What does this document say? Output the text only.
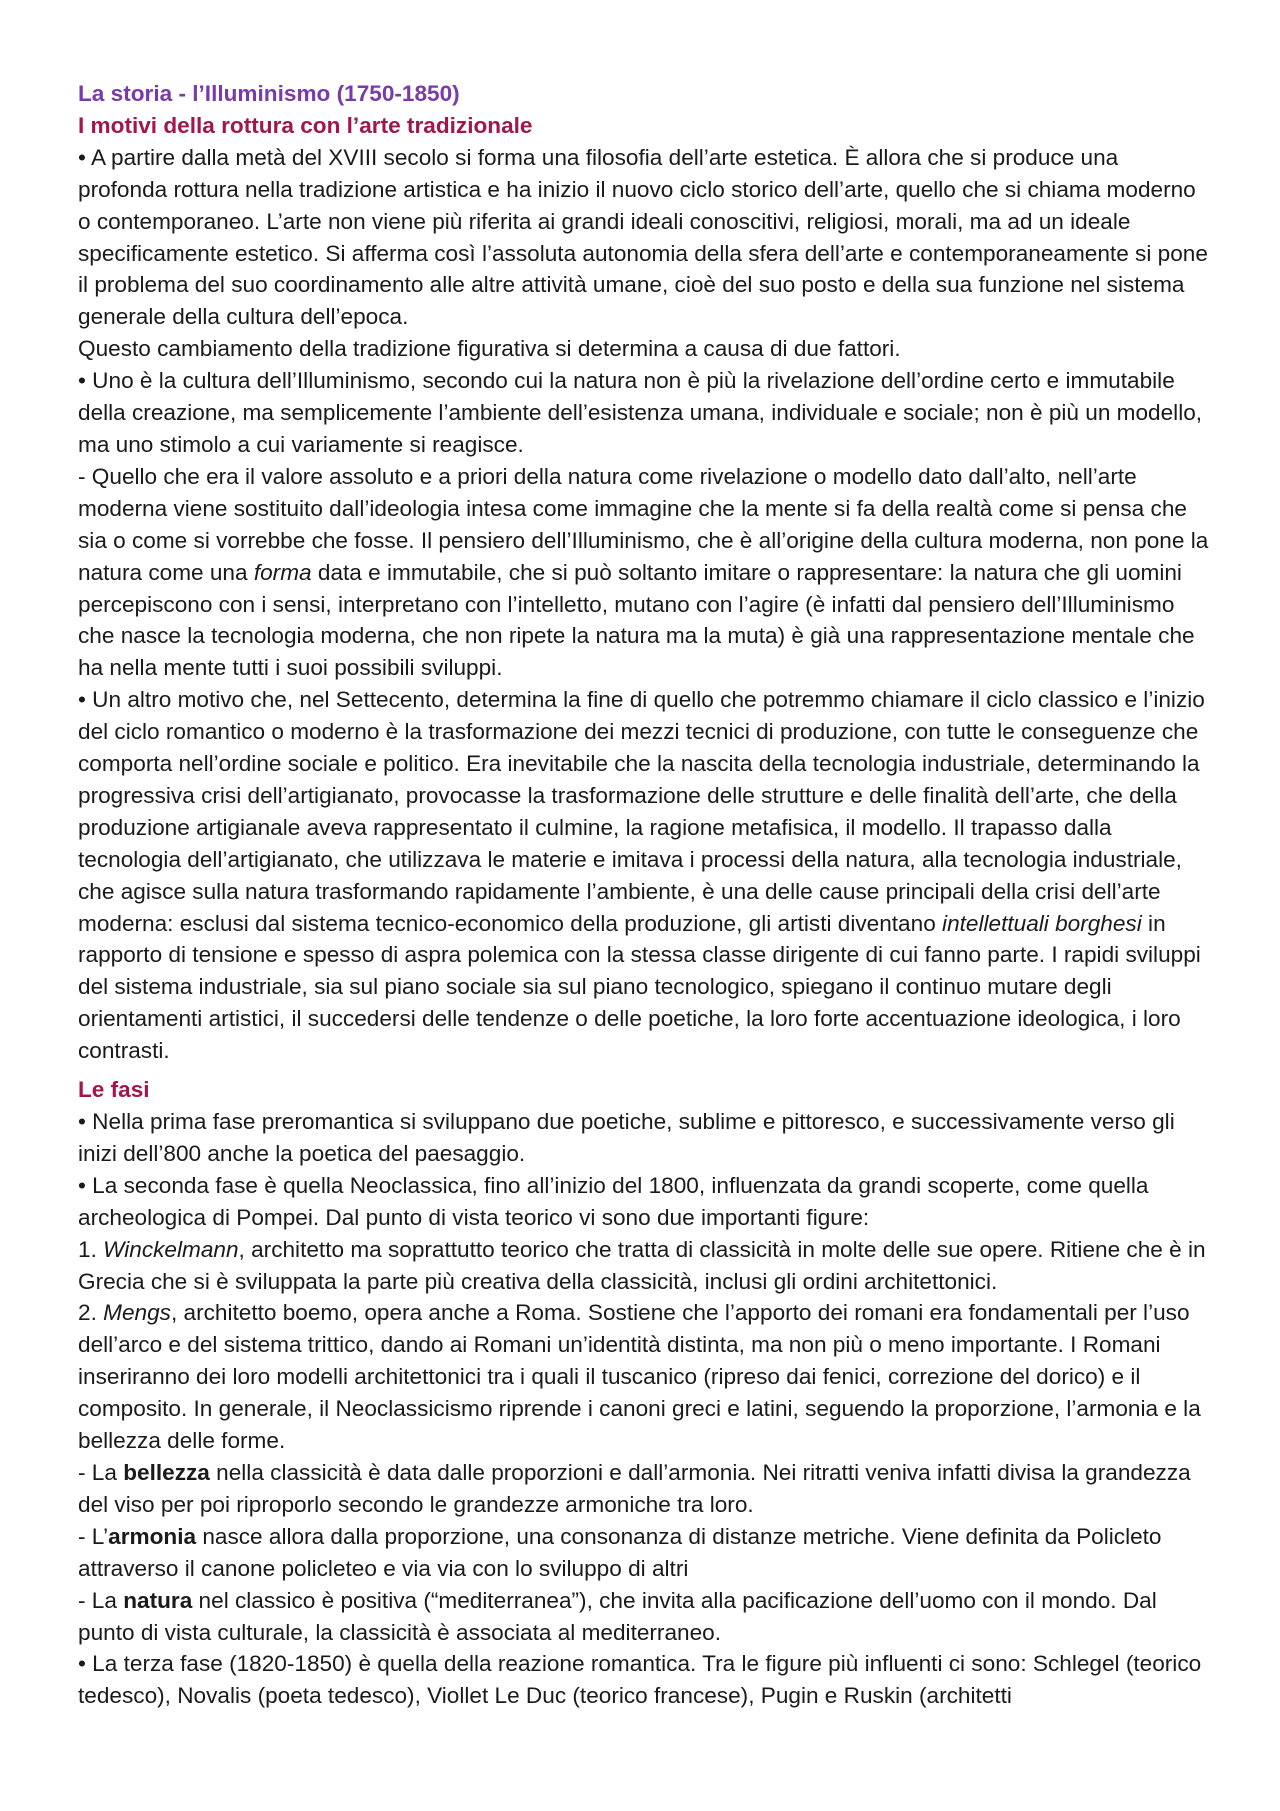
La storia - l’Illuminismo (1750-1850)
I motivi della rottura con l’arte tradizionale

• A partire dalla metà del XVIII secolo si forma una filosofia dell’arte estetica. È allora che si produce una profonda rottura nella tradizione artistica e ha inizio il nuovo ciclo storico dell’arte, quello che si chiama moderno o contemporaneo. L’arte non viene più riferita ai grandi ideali conoscitivi, religiosi, morali, ma ad un ideale specificamente estetico. Si afferma così l’assoluta autonomia della sfera dell’arte e contemporaneamente si pone il problema del suo coordinamento alle altre attività umane, cioè del suo posto e della sua funzione nel sistema generale della cultura dell’epoca.

Questo cambiamento della tradizione figurativa si determina a causa di due fattori.

• Uno è la cultura dell’Illuminismo, secondo cui la natura non è più la rivelazione dell’ordine certo e immutabile della creazione, ma semplicemente l’ambiente dell’esistenza umana, individuale e sociale; non è più un modello, ma uno stimolo a cui variamente si reagisce.

- Quello che era il valore assoluto e a priori della natura come rivelazione o modello dato dall’alto, nell’arte moderna viene sostituito dall’ideologia intesa come immagine che la mente si fa della realtà come si pensa che sia o come si vorrebbe che fosse. Il pensiero dell’Illuminismo, che è all’origine della cultura moderna, non pone la natura come una forma data e immutabile, che si può soltanto imitare o rappresentare: la natura che gli uomini percepiscono con i sensi, interpretano con l’intelletto, mutano con l’agire (è infatti dal pensiero dell’Illuminismo che nasce la tecnologia moderna, che non ripete la natura ma la muta) è già una rappresentazione mentale che ha nella mente tutti i suoi possibili sviluppi.

• Un altro motivo che, nel Settecento, determina la fine di quello che potremmo chiamare il ciclo classico e l’inizio del ciclo romantico o moderno è la trasformazione dei mezzi tecnici di produzione, con tutte le conseguenze che comporta nell’ordine sociale e politico. Era inevitabile che la nascita della tecnologia industriale, determinando la progressiva crisi dell’artigianato, provocasse la trasformazione delle strutture e delle finalità dell’arte, che della produzione artigianale aveva rappresentato il culmine, la ragione metafisica, il modello. Il trapasso dalla tecnologia dell’artigianato, che utilizzava le materie e imitava i processi della natura, alla tecnologia industriale, che agisce sulla natura trasformando rapidamente l’ambiente, è una delle cause principali della crisi dell’arte moderna: esclusi dal sistema tecnico-economico della produzione, gli artisti diventano intellettuali borghesi in rapporto di tensione e spesso di aspra polemica con la stessa classe dirigente di cui fanno parte. I rapidi sviluppi del sistema industriale, sia sul piano sociale sia sul piano tecnologico, spiegano il continuo mutare degli orientamenti artistici, il succedersi delle tendenze o delle poetiche, la loro forte accentuazione ideologica, i loro contrasti.

Le fasi

• Nella prima fase preromantica si sviluppano due poetiche, sublime e pittoresco, e successivamente verso gli inizi dell’800 anche la poetica del paesaggio.

• La seconda fase è quella Neoclassica, fino all’inizio del 1800, influenzata da grandi scoperte, come quella archeologica di Pompei. Dal punto di vista teorico vi sono due importanti figure:

1. Winckelmann, architetto ma soprattutto teorico che tratta di classicità in molte delle sue opere. Ritiene che è in Grecia che si è sviluppata la parte più creativa della classicità, inclusi gli ordini architettonici.

2. Mengs, architetto boemo, opera anche a Roma. Sostiene che l’apporto dei romani era fondamentali per l’uso dell’arco e del sistema trittico, dando ai Romani un’identità distinta, ma non più o meno importante. I Romani inseriranno dei loro modelli architettonici tra i quali il tuscanico (ripreso dai fenici, correzione del dorico) e il composito. In generale, il Neoclassicismo riprende i canoni greci e latini, seguendo la proporzione, l’armonia e la bellezza delle forme.

- La bellezza nella classicità è data dalle proporzioni e dall’armonia. Nei ritratti veniva infatti divisa la grandezza del viso per poi riproporlo secondo le grandezze armoniche tra loro.

- L’armonia nasce allora dalla proporzione, una consonanza di distanze metriche. Viene definita da Policleto attraverso il canone policleteo e via via con lo sviluppo di altri

- La natura nel classico è positiva (“mediterranea”), che invita alla pacificazione dell’uomo con il mondo. Dal punto di vista culturale, la classicità è associata al mediterraneo.

• La terza fase (1820-1850) è quella della reazione romantica. Tra le figure più influenti ci sono: Schlegel (teorico tedesco), Novalis (poeta tedesco), Viollet Le Duc (teorico francese), Pugin e Ruskin (architetti
